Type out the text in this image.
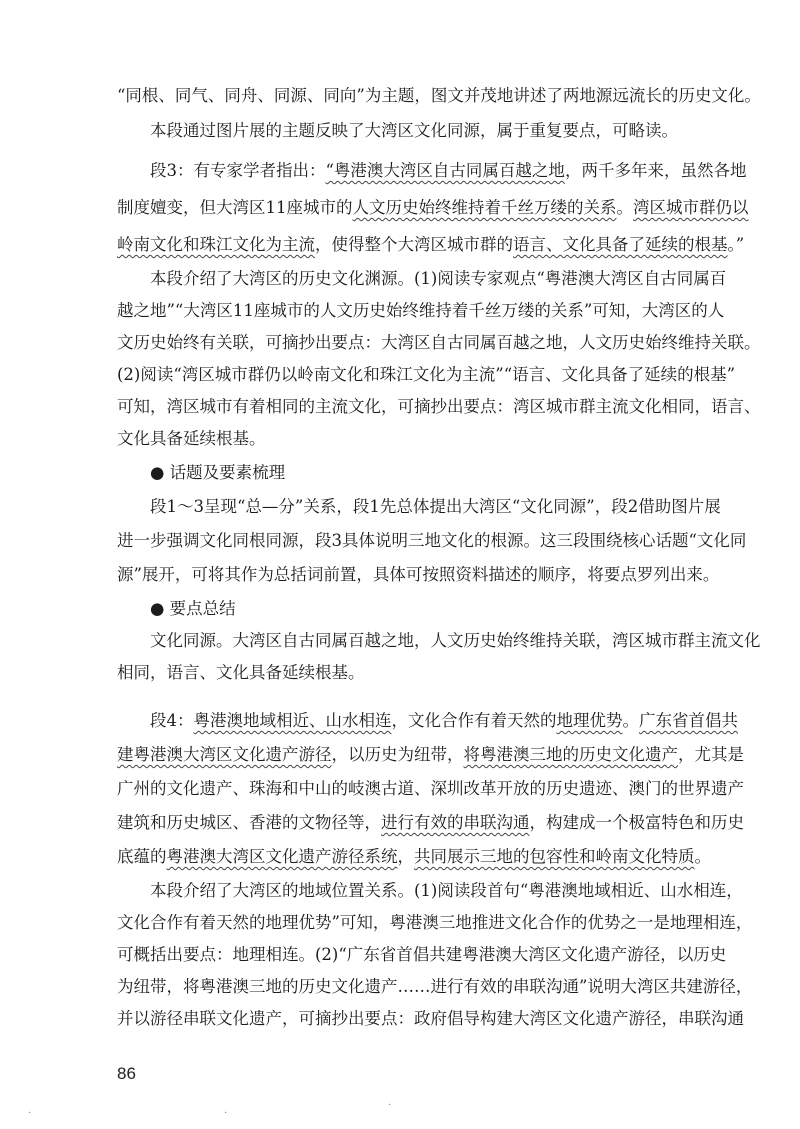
“同根、同气、同舟、同源、同向”为主题，图文并茂地讲述了两地源远流长的历史文化。
本段通过图片展的主题反映了大湾区文化同源，属于重复要点，可略读。
段3：有专家学者指出：“粤港澳大湾区自古同属百越之地，两千多年来，虽然各地
制度嬗变，但大湾区11座城市的人文历史始终维持着千丝万缕的关系。湾区城市群仍以
岭南文化和珠江文化为主流，使得整个大湾区城市群的语言、文化具备了延续的根基。”
本段介绍了大湾区的历史文化渊源。(1)阅读专家观点“粤港澳大湾区自古同属百
越之地”“大湾区11座城市的人文历史始终维持着千丝万缕的关系”可知，大湾区的人
文历史始终有关联，可摘抄出要点：大湾区自古同属百越之地，人文历史始终维持关联。
(2)阅读“湾区城市群仍以岭南文化和珠江文化为主流”“语言、文化具备了延续的根基”
可知，湾区城市有着相同的主流文化，可摘抄出要点：湾区城市群主流文化相同，语言、
文化具备延续根基。
● 话题及要素梳理
段1～3呈现“总—分”关系，段1先总体提出大湾区“文化同源”，段2借助图片展
进一步强调文化同根同源，段3具体说明三地文化的根源。这三段围绕核心话题“文化同
源”展开，可将其作为总括词前置，具体可按照资料描述的顺序，将要点罗列出来。
● 要点总结
文化同源。大湾区自古同属百越之地，人文历史始终维持关联，湾区城市群主流文化
相同，语言、文化具备延续根基。
段4：粤港澳地域相近、山水相连，文化合作有着天然的地理优势。广东省首倡共
建粤港澳大湾区文化遗产游径，以历史为纽带，将粤港澳三地的历史文化遗产，尤其是
广州的文化遗产、珠海和中山的岐澳古道、深圳改革开放的历史遗迹、澳门的世界遗产
建筑和历史城区、香港的文物径等，进行有效的串联沟通，构建成一个极富特色和历史
底蕴的粤港澳大湾区文化遗产游径系统，共同展示三地的包容性和岭南文化特质。
本段介绍了大湾区的地域位置关系。(1)阅读段首句“粤港澳地域相近、山水相连，
文化合作有着天然的地理优势”可知，粤港澳三地推进文化合作的优势之一是地理相连，
可概括出要点：地理相连。(2)“广东省首倡共建粤港澳大湾区文化遗产游径，以历史
为纽带，将粤港澳三地的历史文化遗产……进行有效的串联沟通”说明大湾区共建游径，
并以游径串联文化遗产，可摘抄出要点：政府倡导构建大湾区文化遗产游径，串联沟通
86
·	·
·
